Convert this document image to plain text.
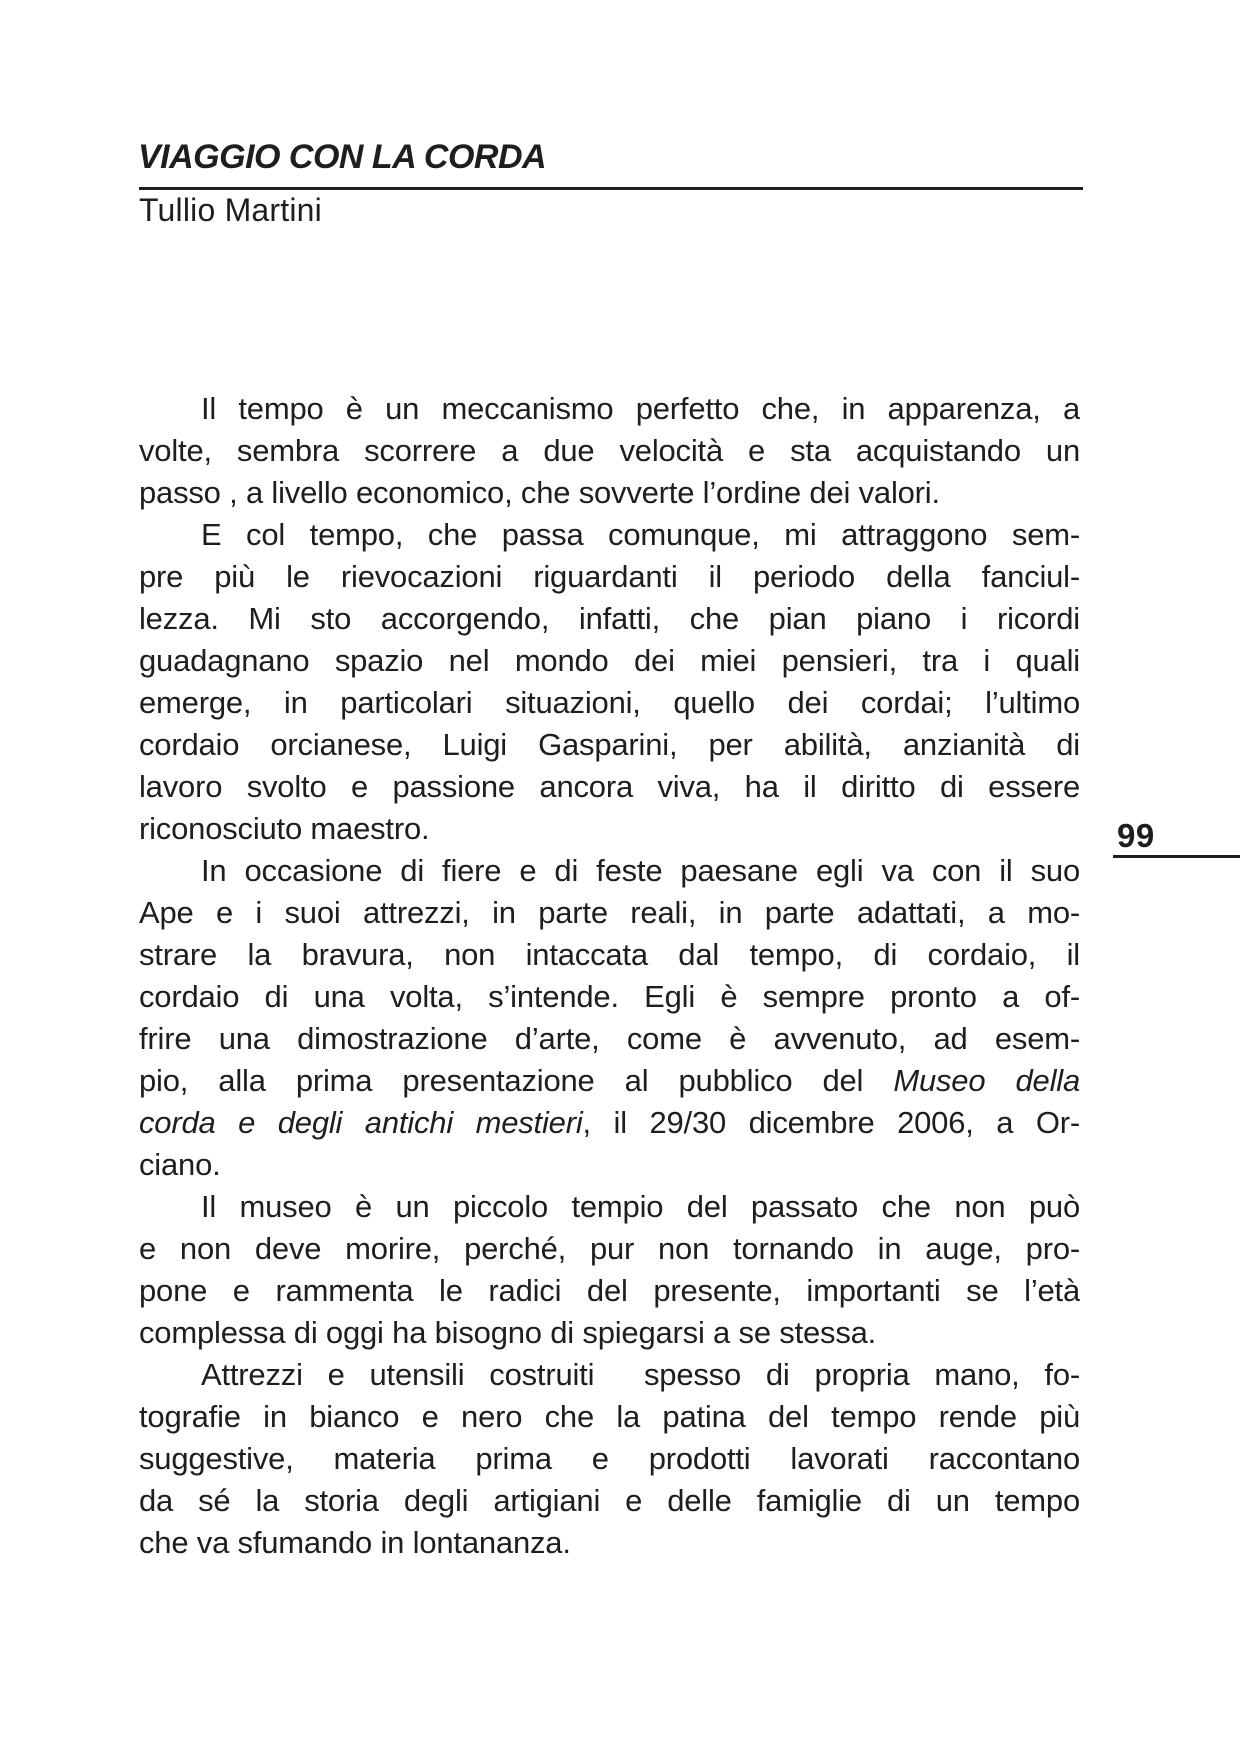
VIAGGIO CON LA CORDA
Tullio Martini
99
Il tempo è un meccanismo perfetto che, in apparenza, a
volte, sembra scorrere a due velocità e sta acquistando un
passo , a livello economico, che sovverte l’ordine dei valori.
E col tempo, che passa comunque, mi attraggono sem-
pre più le rievocazioni riguardanti il periodo della fanciul-
lezza. Mi sto accorgendo, infatti, che pian piano i ricordi
guadagnano spazio nel mondo dei miei pensieri, tra i quali
emerge, in particolari situazioni, quello dei cordai; l’ultimo
cordaio orcianese, Luigi Gasparini, per abilità, anzianità di
lavoro svolto e passione ancora viva, ha il diritto di essere
riconosciuto maestro.
In occasione di fiere e di feste paesane egli va con il suo
Ape e i suoi attrezzi, in parte reali, in parte adattati, a mo-
strare la bravura, non intaccata dal tempo, di cordaio, il
cordaio di una volta, s’intende. Egli è sempre pronto a of-
frire una dimostrazione d’arte, come è avvenuto, ad esem-
pio, alla prima presentazione al pubblico del Museo della
corda e degli antichi mestieri, il 29/30 dicembre 2006, a Or-
ciano.
Il museo è un piccolo tempio del passato che non può
e non deve morire, perché, pur non tornando in auge, pro-
pone e rammenta le radici del presente, importanti se l’età
complessa di oggi ha bisogno di spiegarsi a se stessa.
Attrezzi e utensili costruiti  spesso di propria mano, fo-
tografie in bianco e nero che la patina del tempo rende più
suggestive, materia prima e prodotti lavorati raccontano
da sé la storia degli artigiani e delle famiglie di un tempo
che va sfumando in lontananza.
